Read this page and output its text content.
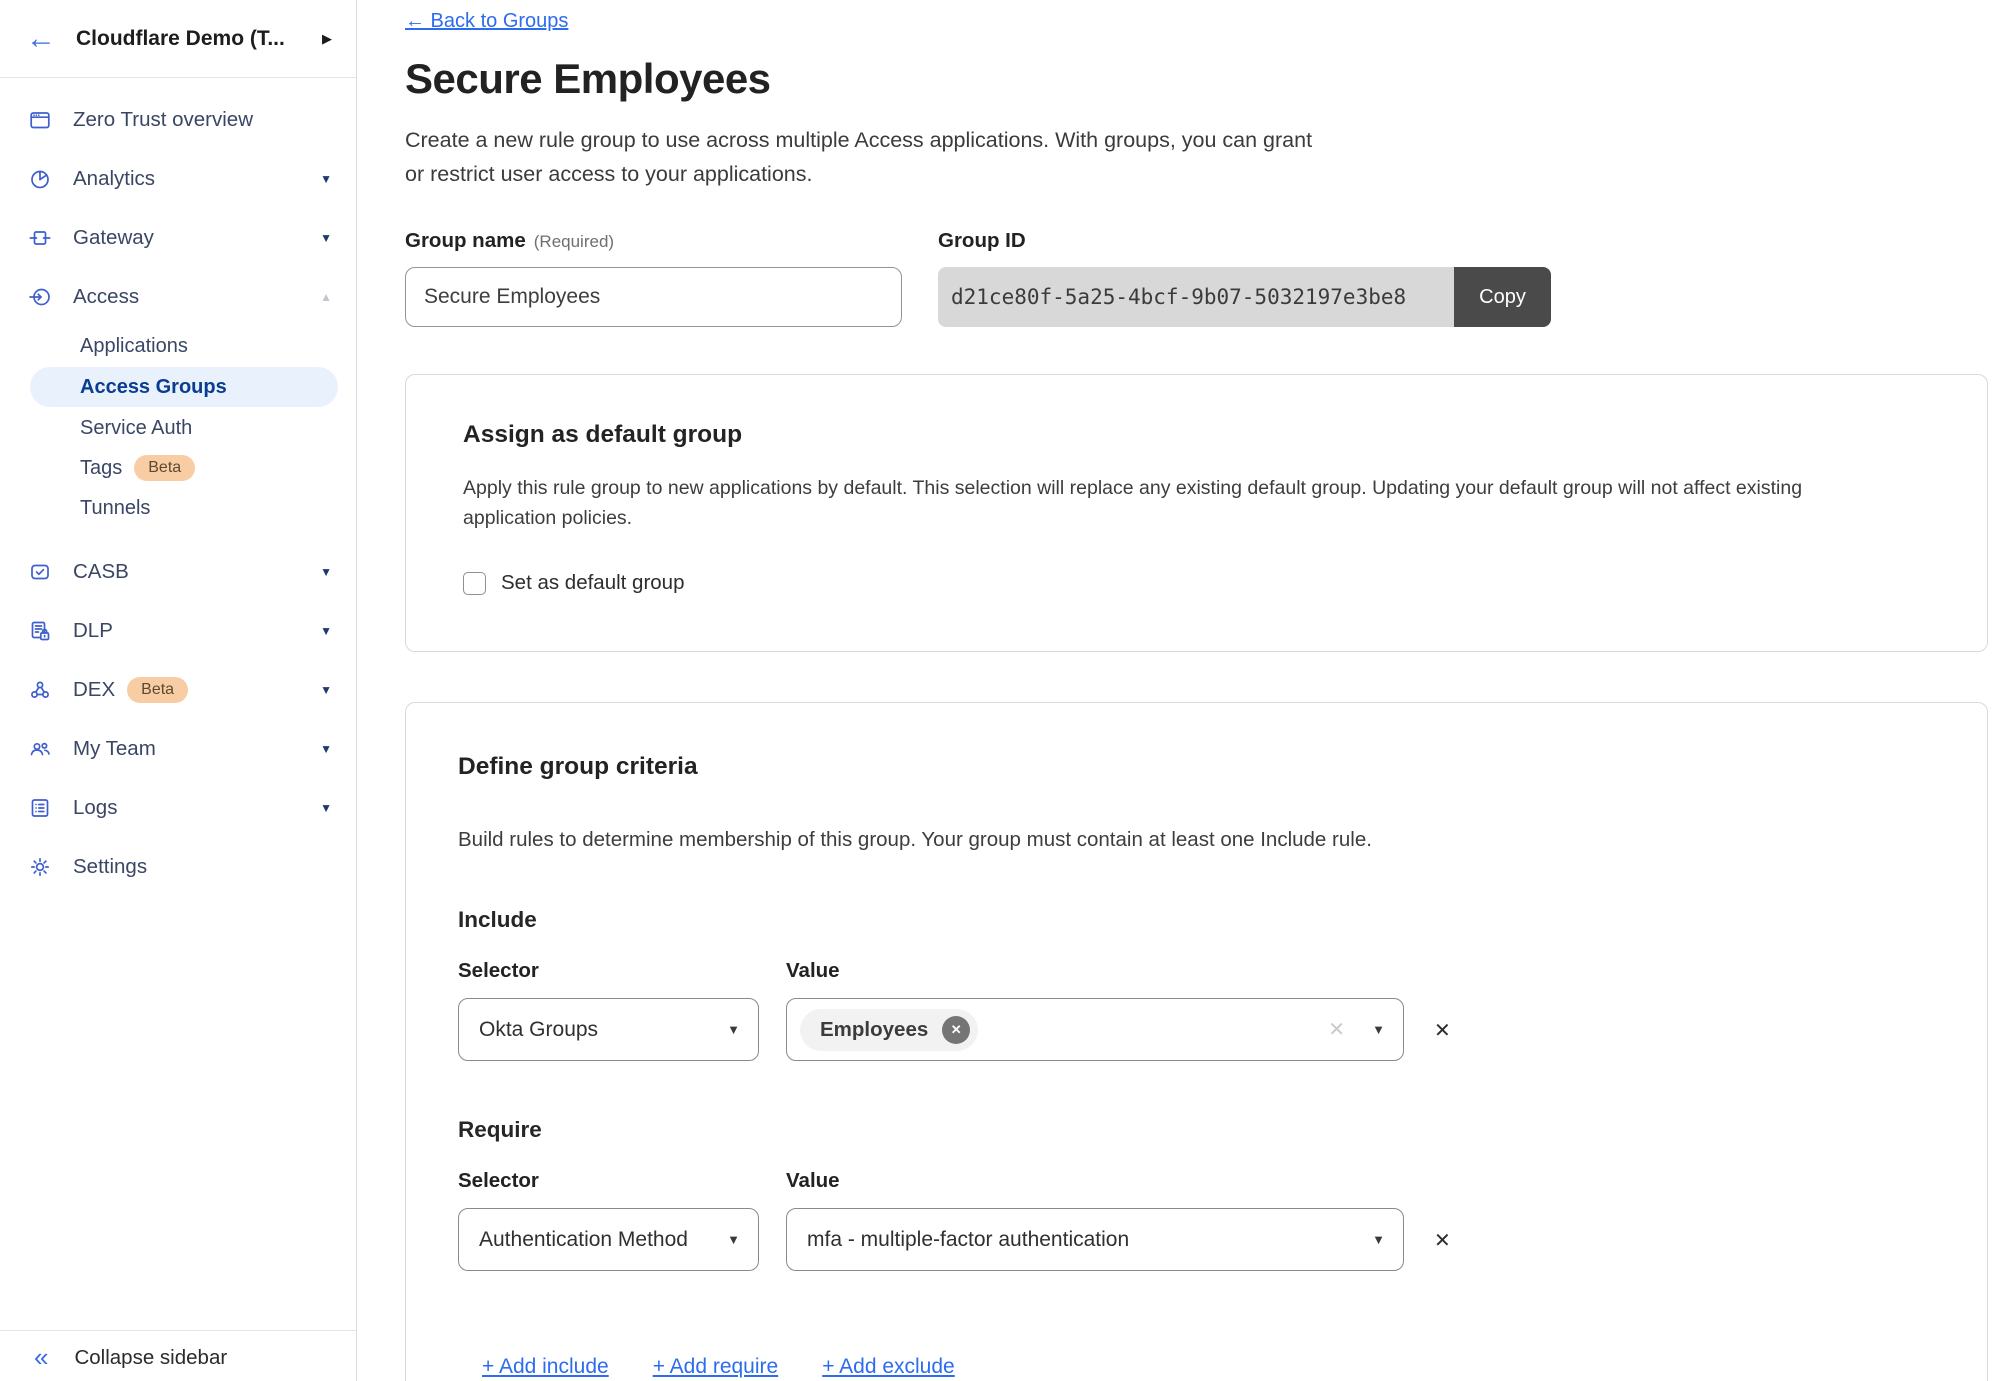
← Cloudflare Demo (T...	▶
Zero Trust overview
Analytics	▼
Gateway	▼
Access	▲
Applications
Access Groups
Service Auth
Tags	Beta
Tunnels
CASB	▼
DLP	▼
DEX	Beta	▼
My Team	▼
Logs	▼
Settings
« Collapse sidebar
← Back to Groups
Secure Employees

Create a new rule group to use across multiple Access applications. With groups, you can grant
or restrict user access to your applications.

Group name (Required)
Secure Employees	Group ID
d21ce80f-5a25-4bcf-9b07-5032197e3be8	Copy
Assign as default group

Apply this rule group to new applications by default. This selection will replace any existing default group. Updating your default group will not affect existing application policies.

Set as default group
Define group criteria

Build rules to determine membership of this group. Your group must contain at least one Include rule.

Include
Selector
Okta Groups	▼
Value
Employees	✕	✕ ▼ ✕
Require
Selector
Authentication Method	▼
Value
mfa - multiple-factor authentication	▼ ✕
+ Add include + Add require + Add exclude
